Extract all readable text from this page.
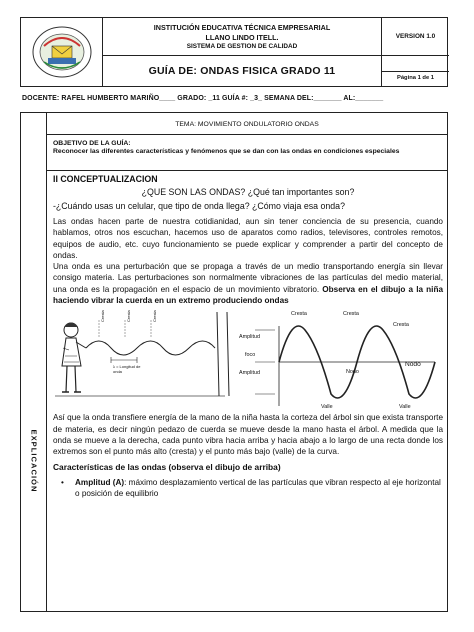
INSTITUCIÓN EDUCATIVA TÉCNICA EMPRESARIAL
LLANO LINDO ITELL.
SISTEMA DE GESTION DE CALIDAD
GUÍA DE: ONDAS FISICA GRADO 11
VERSION 1.0
Página 1 de 1
DOCENTE: RAFEL HUMBERTO MARIÑO____ GRADO: _11 GUÍA #: _3_ SEMANA DEL:_______ AL:_______
EXPLICACIÓN
TEMA: MOVIMIENTO ONDULATORIO ONDAS
OBJETIVO DE LA GUÍA:
Reconocer las diferentes características y fenómenos que se dan con las ondas en condiciones especiales
II CONCEPTUALIZACION
¿QUE SON LAS ONDAS? ¿Qué tan importantes son?
-¿Cuándo usas un celular, que tipo de onda llega? ¿Cómo viaja esa onda?
Las ondas hacen parte de nuestra cotidianidad, aun sin tener conciencia de su presencia, cuando hablamos, otros nos escuchan, hacemos uso de aparatos como radios, televisores, controles remotos, equipos de audio, etc. cuyo funcionamiento se puede explicar y comprender a partir del concepto de ondas.
Una onda es una perturbación que se propaga a través de un medio transportando energía sin llevar consigo materia. Las perturbaciones son normalmente vibraciones de las partículas del medio material, una onda es la propagación en el espacio de un movimiento vibratorio. Observa en el dibujo a la niña haciendo vibrar la cuerda en un extremo produciendo ondas
Cresta	Cresta	Cresta
λ = Longitud de onda
Cresta	Cresta
Cresta
Amplitud
foco
Amplitud	Nodo
Nodo
Valle	Valle
Así que la onda transfiere energía de la mano de la niña hasta la corteza del árbol sin que exista transporte de materia, es decir ningún pedazo de cuerda se mueve desde la mano hasta el árbol. A medida que la onda se mueve a la derecha, cada punto vibra hacia arriba y hacia abajo a lo largo de una recta donde los extremos son el punto más alto (cresta) y el punto más bajo (valle) de la curva.
Características de las ondas (observa el dibujo de arriba)
•	Amplitud (A): máximo desplazamiento vertical de las partículas que vibran respecto al eje horizontal o posición de equilibrio
